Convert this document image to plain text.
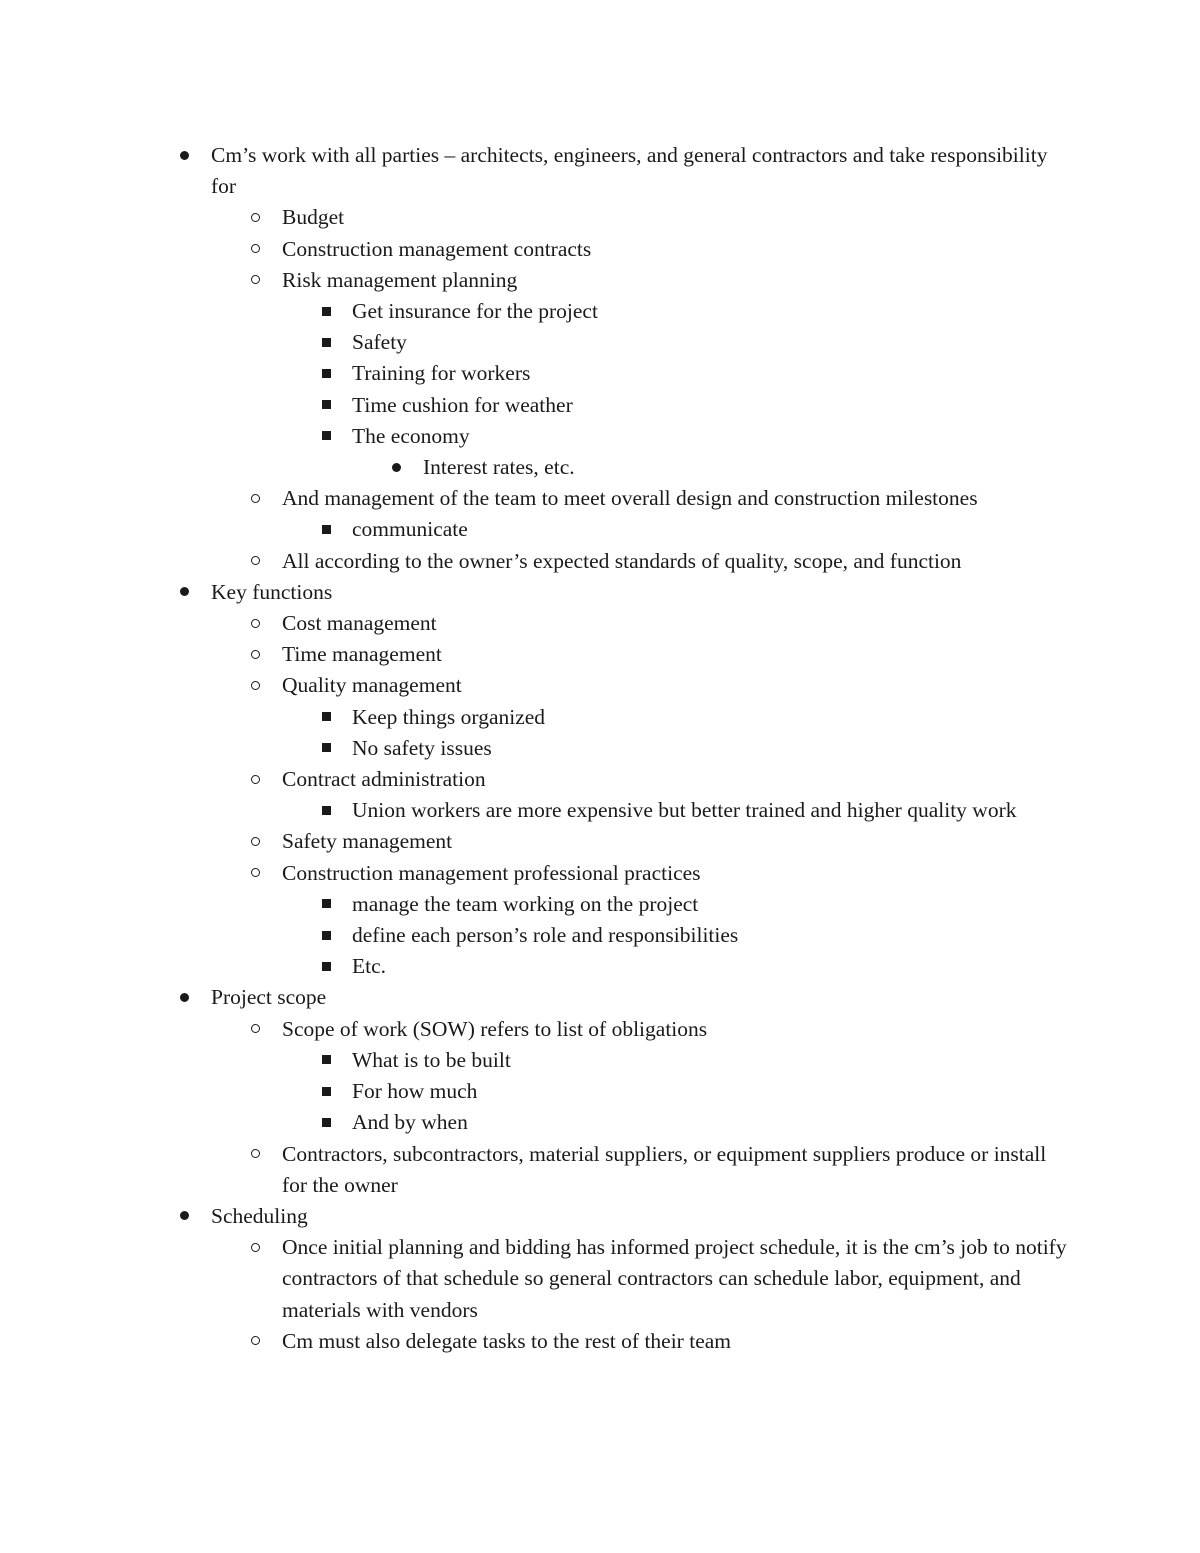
Cm’s work with all parties – architects, engineers, and general contractors and take responsibility for
Budget
Construction management contracts
Risk management planning
Get insurance for the project
Safety
Training for workers
Time cushion for weather
The economy
Interest rates, etc.
And management of the team to meet overall design and construction milestones
communicate
All according to the owner’s expected standards of quality, scope, and function
Key functions
Cost management
Time management
Quality management
Keep things organized
No safety issues
Contract administration
Union workers are more expensive but better trained and higher quality work
Safety management
Construction management professional practices
manage the team working on the project
define each person’s role and responsibilities
Etc.
Project scope
Scope of work (SOW) refers to list of obligations
What is to be built
For how much
And by when
Contractors, subcontractors, material suppliers, or equipment suppliers produce or install for the owner
Scheduling
Once initial planning and bidding has informed project schedule, it is the cm’s job to notify contractors of that schedule so general contractors can schedule labor, equipment, and materials with vendors
Cm must also delegate tasks to the rest of their team
